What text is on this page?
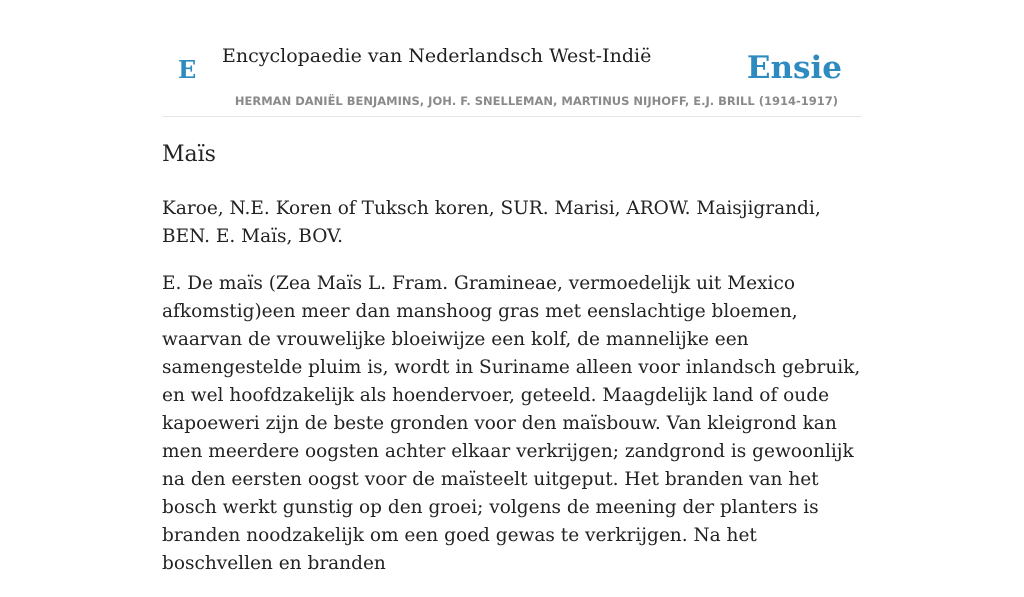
E Encyclopaedie van Nederlandsch West-Indië	Ensie
HERMAN DANIËL BENJAMINS, JOH. F. SNELLEMAN, MARTINUS NIJHOFF, E.J. BRILL (1914-1917)
Maïs

Karoe, N.E. Koren of Tuksch koren, SUR. Marisi, AROW. Maisjigrandi, BEN. E. Maïs, BOV.

E. De maïs (Zea Maïs L. Fram. Gramineae, vermoedelijk uit Mexico afkomstig)een meer dan manshoog gras met eenslachtige bloemen, waarvan de vrouwelijke bloeiwijze een kolf, de mannelijke een samengestelde pluim is, wordt in Suriname alleen voor inlandsch gebruik, en wel hoofdzakelijk als hoendervoer, geteeld. Maagdelijk land of oude kapoeweri zijn de beste gronden voor den maïsbouw. Van kleigrond kan men meerdere oogsten achter elkaar verkrijgen; zandgrond is gewoonlijk na den eersten oogst voor de maïsteelt uitgeput. Het branden van het bosch werkt gunstig op den groei; volgens de meening der planters is branden noodzakelijk om een goed gewas te verkrijgen. Na het boschvellen en branden
